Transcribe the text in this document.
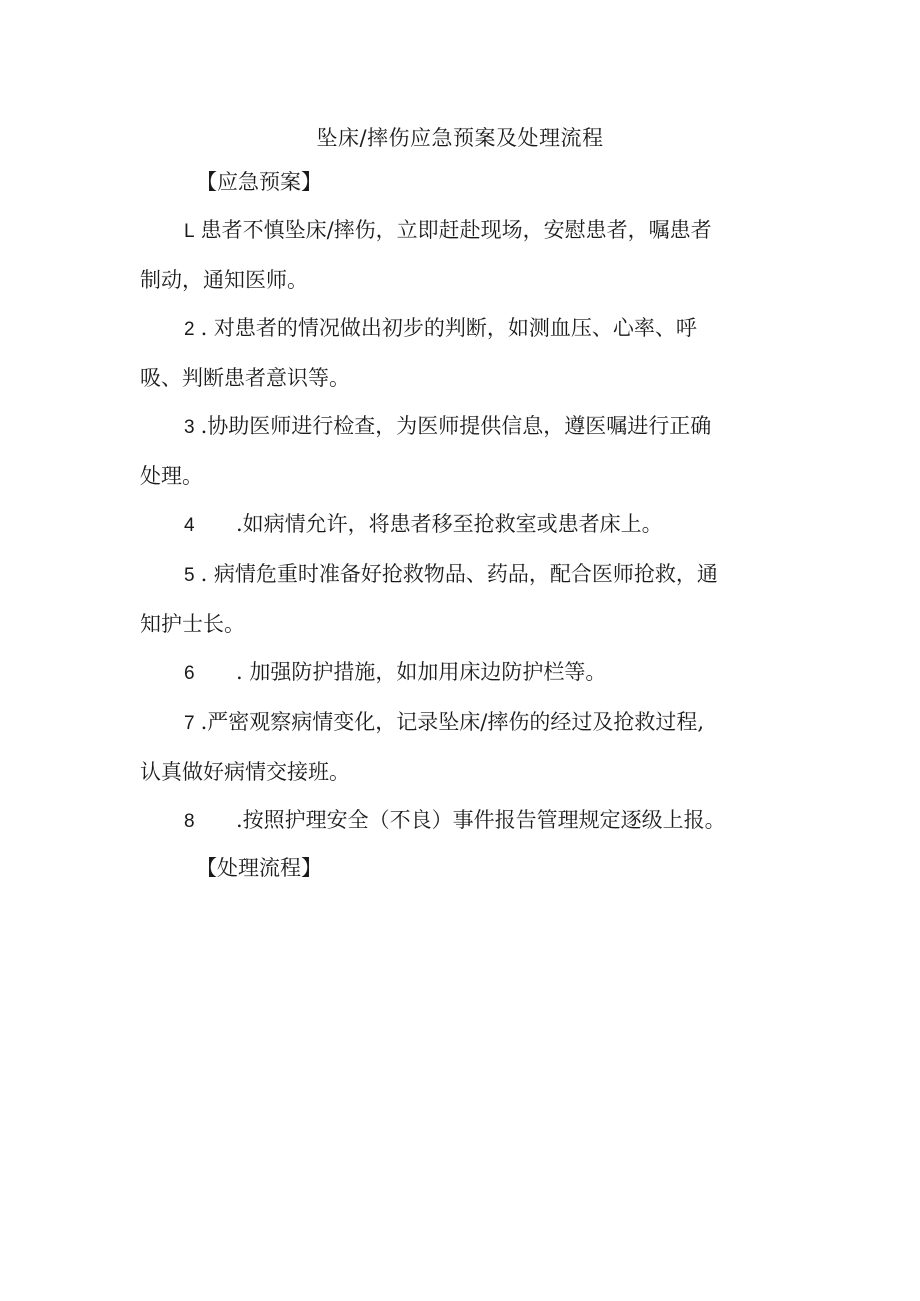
坠床/摔伤应急预案及处理流程
【应急预案】
L 患者不慎坠床/摔伤，立即赶赴现场，安慰患者，嘱患者
制动，通知医师。
2 . 对患者的情况做出初步的判断，如测血压、心率、呼
吸、判断患者意识等。
3 .协助医师进行检查，为医师提供信息，遵医嘱进行正确
处理。
4 .如病情允许，将患者移至抢救室或患者床上。
5 . 病情危重时准备好抢救物品、药品，配合医师抢救，通
知护士长。
6 . 加强防护措施，如加用床边防护栏等。
7 .严密观察病情变化，记录坠床/摔伤的经过及抢救过程,
认真做好病情交接班。
8 .按照护理安全（不良）事件报告管理规定逐级上报。
【处理流程】
